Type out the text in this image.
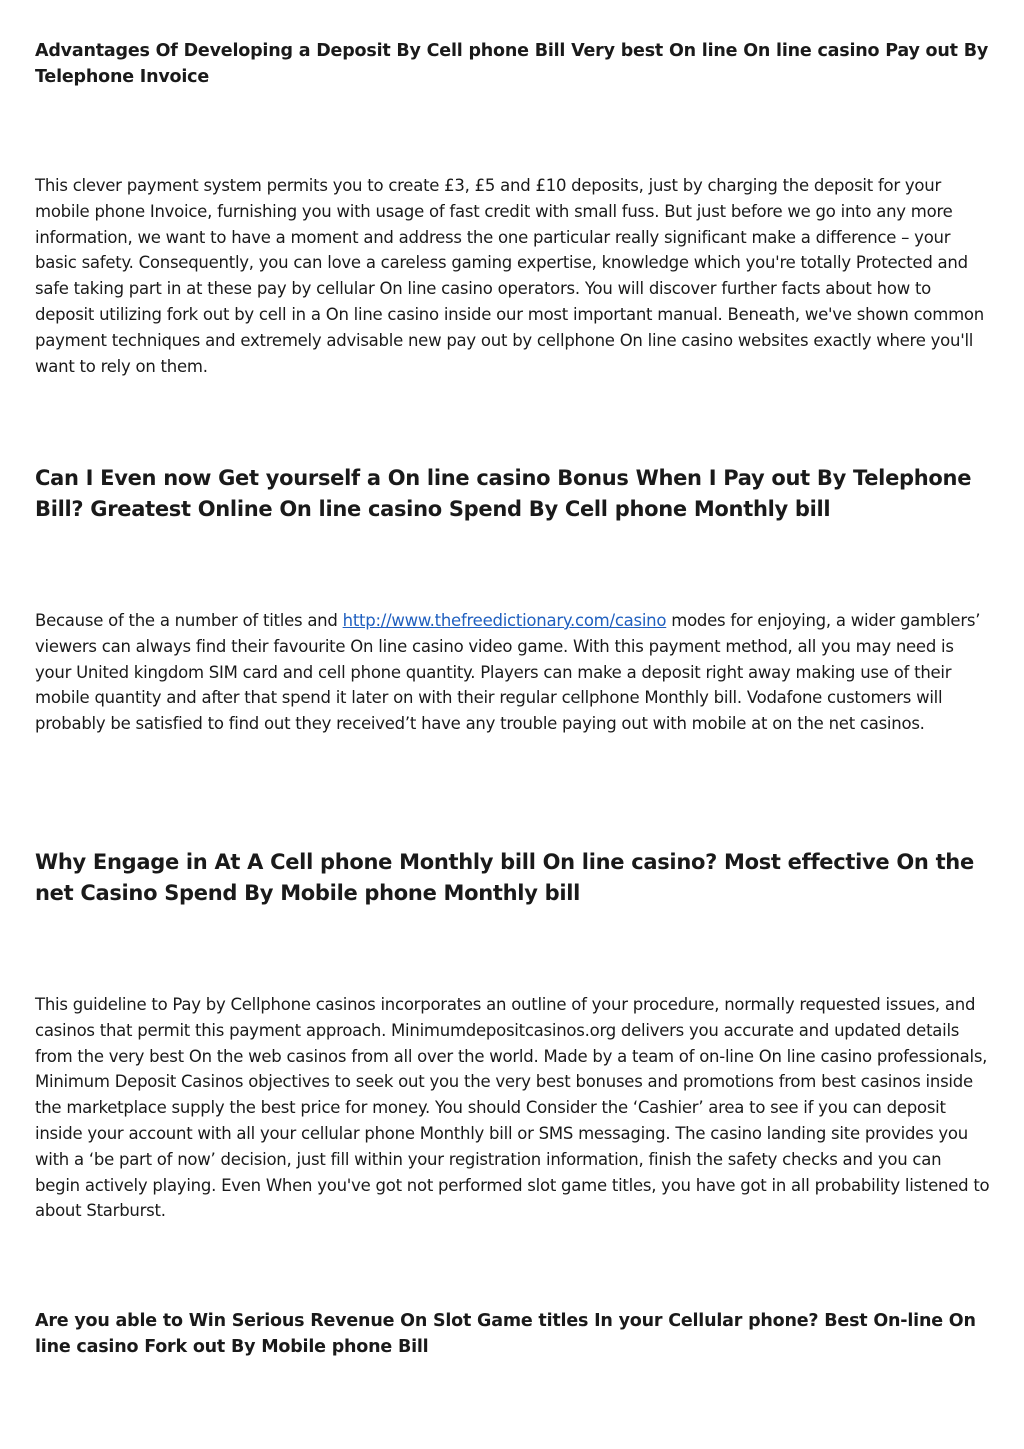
Advantages Of Developing a Deposit By Cell phone Bill Very best On line On line casino Pay out By Telephone Invoice

This clever payment system permits you to create £3, £5 and £10 deposits, just by charging the deposit for your mobile phone Invoice, furnishing you with usage of fast credit with small fuss. But just before we go into any more information, we want to have a moment and address the one particular really significant make a difference – your basic safety. Consequently, you can love a careless gaming expertise, knowledge which you're totally Protected and safe taking part in at these pay by cellular On line casino operators. You will discover further facts about how to deposit utilizing fork out by cell in a On line casino inside our most important manual. Beneath, we've shown common payment techniques and extremely advisable new pay out by cellphone On line casino websites exactly where you'll want to rely on them.

Can I Even now Get yourself a On line casino Bonus When I Pay out By Telephone Bill? Greatest Online On line casino Spend By Cell phone Monthly bill

Because of the a number of titles and http://www.thefreedictionary.com/casino modes for enjoying, a wider gamblers’ viewers can always find their favourite On line casino video game. With this payment method, all you may need is your United kingdom SIM card and cell phone quantity. Players can make a deposit right away making use of their mobile quantity and after that spend it later on with their regular cellphone Monthly bill. Vodafone customers will probably be satisfied to find out they received’t have any trouble paying out with mobile at on the net casinos.

Why Engage in At A Cell phone Monthly bill On line casino? Most effective On the net Casino Spend By Mobile phone Monthly bill

This guideline to Pay by Cellphone casinos incorporates an outline of your procedure, normally requested issues, and casinos that permit this payment approach. Minimumdepositcasinos.org delivers you accurate and updated details from the very best On the web casinos from all over the world. Made by a team of on-line On line casino professionals, Minimum Deposit Casinos objectives to seek out you the very best bonuses and promotions from best casinos inside the marketplace supply the best price for money. You should Consider the ‘Cashier’ area to see if you can deposit inside your account with all your cellular phone Monthly bill or SMS messaging. The casino landing site provides you with a ‘be part of now’ decision, just fill within your registration information, finish the safety checks and you can begin actively playing. Even When you've got not performed slot game titles, you have got in all probability listened to about Starburst.

Are you able to Win Serious Revenue On Slot Game titles In your Cellular phone? Best On-line On line casino Fork out By Mobile phone Bill
